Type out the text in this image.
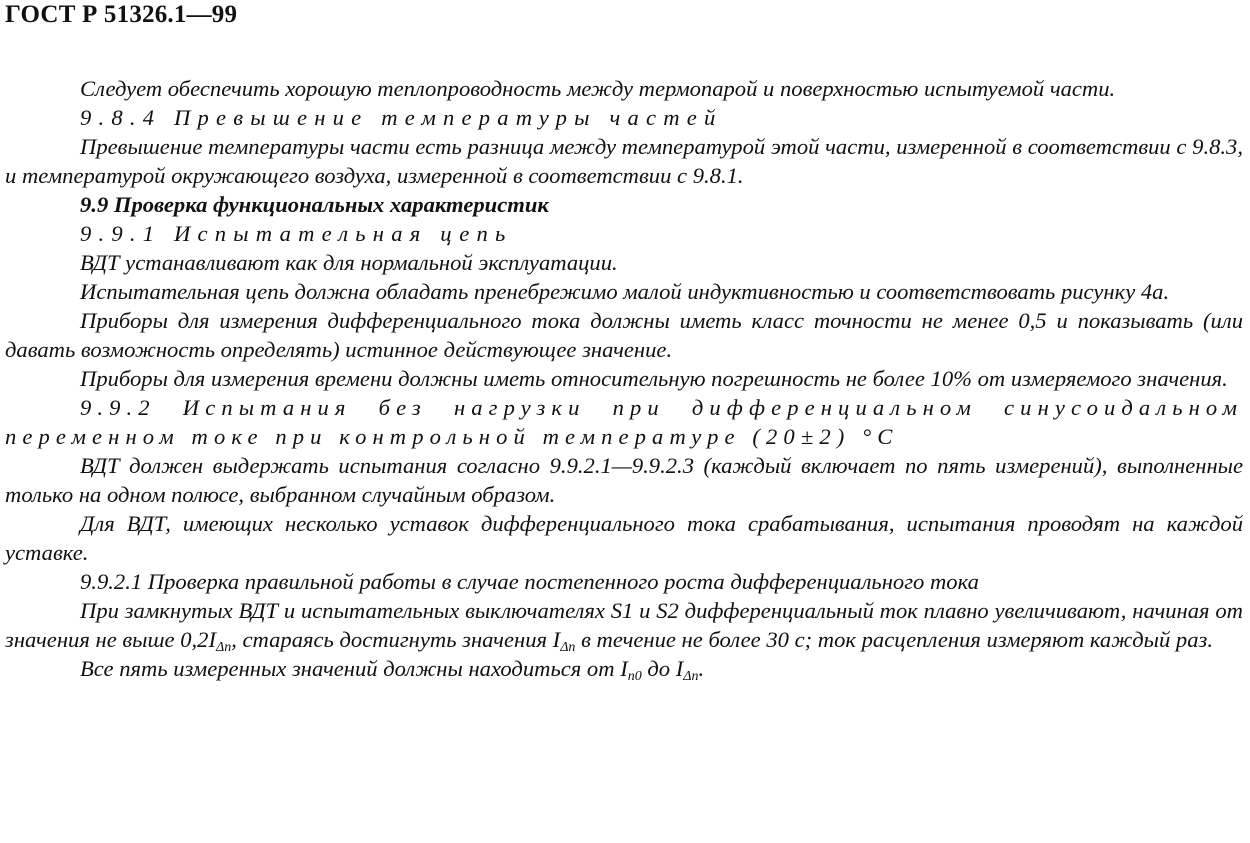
ГОСТ Р 51326.1—99

Следует обеспечить хорошую теплопроводность между термопарой и поверхностью испытуемой части.

9.8.4 Превышение температуры частей

Превышение температуры части есть разница между температурой этой части, измеренной в соответствии с 9.8.3, и температурой окружающего воздуха, измеренной в соответствии с 9.8.1.

9.9 Проверка функциональных характеристик

9.9.1 Испытательная цепь

ВДТ устанавливают как для нормальной эксплуатации.

Испытательная цепь должна обладать пренебрежимо малой индуктивностью и соответствовать рисунку 4а.

Приборы для измерения дифференциального тока должны иметь класс точности не менее 0,5 и показывать (или давать возможность определять) истинное действующее значение.

Приборы для измерения времени должны иметь относительную погрешность не более 10% от измеряемого значения.

9.9.2 Испытания без нагрузки при дифференциальном синусоидальном переменном токе при контрольной температуре (20±2) °С

ВДТ должен выдержать испытания согласно 9.9.2.1—9.9.2.3 (каждый включает по пять измерений), выполненные только на одном полюсе, выбранном случайным образом.

Для ВДТ, имеющих несколько уставок дифференциального тока срабатывания, испытания проводят на каждой уставке.

9.9.2.1 Проверка правильной работы в случае постепенного роста дифференциального тока

При замкнутых ВДТ и испытательных выключателях S1 и S2 дифференциальный ток плавно увеличивают, начиная от значения не выше $0,2I_{\Delta n}$, стараясь достигнуть значения $I_{\Delta n}$ в течение не более 30 с; ток расцепления измеряют каждый раз.

Все пять измеренных значений должны находиться от $I_{n0}$ до $I_{\Delta n}$.
